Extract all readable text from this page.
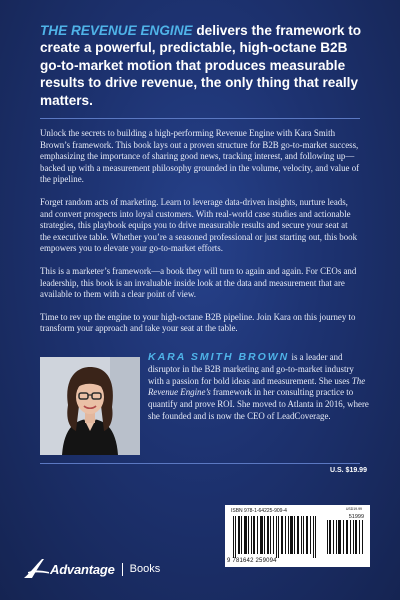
THE REVENUE ENGINE delivers the framework to create a powerful, predictable, high-octane B2B go-to-market motion that produces measurable results to drive revenue, the only thing that really matters.

Unlock the secrets to building a high-performing Revenue Engine with Kara Smith Brown’s framework. This book lays out a proven structure for B2B go-to-market success, emphasizing the importance of sharing good news, tracking interest, and following up—backed up with a measurement philosophy grounded in the volume, velocity, and value of the pipeline.

Forget random acts of marketing. Learn to leverage data-driven insights, nurture leads, and convert prospects into loyal customers. With real-world case studies and actionable strategies, this playbook equips you to drive measurable results and secure your seat at the executive table. Whether you’re a seasoned professional or just starting out, this book empowers you to elevate your go-to-market efforts.

This is a marketer’s framework—a book they will turn to again and again. For CEOs and leadership, this book is an invaluable inside look at the data and measurement that are available to them with a clear point of view.

Time to rev up the engine to your high-octane B2B pipeline. Join Kara on this journey to transform your approach and take your seat at the table.

KARA SMITH BROWN is a leader and disruptor in the B2B marketing and go-to-market industry with a passion for bold ideas and measurement. She uses The Revenue Engine’s framework in her consulting practice to quantify and prove ROI. She moved to Atlanta in 2016, where she founded and is now the CEO of LeadCoverage.
U.S. $19.99
ISBN 978-1-64225-909-4	USD19.99
51999
9 781642 259094
Advantage Books
